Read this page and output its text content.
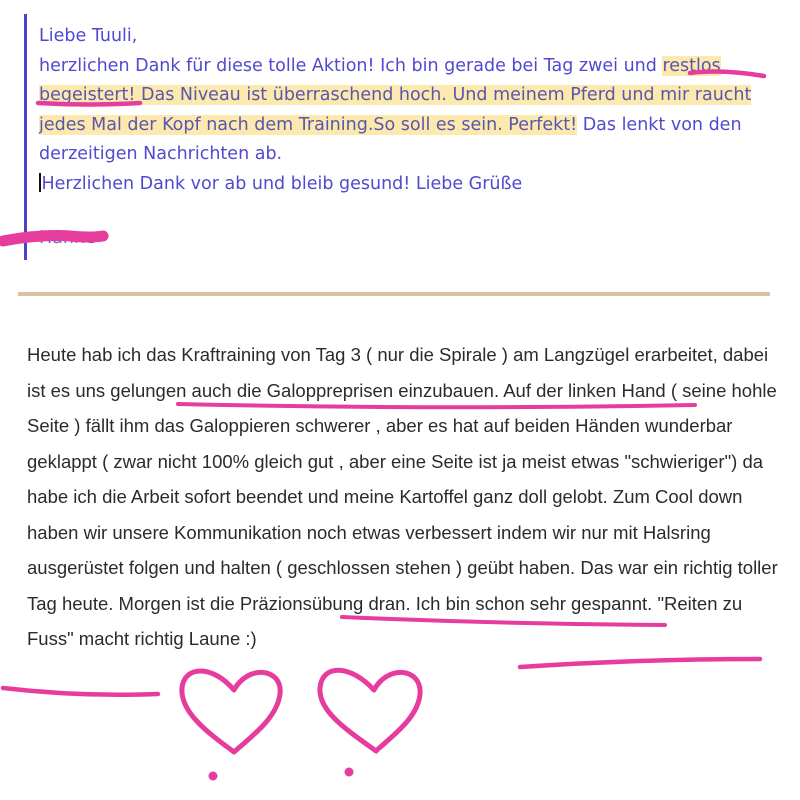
Liebe Tuuli,
herzlichen Dank für diese tolle Aktion! Ich bin gerade bei Tag zwei und restlos begeistert! Das Niveau ist überraschend hoch. Und meinem Pferd und mir raucht jedes Mal der Kopf nach dem Training.So soll es sein. Perfekt! Das lenkt von den derzeitigen Nachrichten ab.
Herzlichen Dank vor ab und bleib gesund! Liebe Grüße
Hanne

Heute hab ich das Kraftraining von Tag 3 ( nur die Spirale ) am Langzügel erarbeitet, dabei ist es uns gelungen auch die Galoppreprisen einzubauen. Auf der linken Hand ( seine hohle Seite ) fällt ihm das Galoppieren schwerer , aber es hat auf beiden Händen wunderbar geklappt ( zwar nicht 100% gleich gut , aber eine Seite ist ja meist etwas "schwieriger") da habe ich die Arbeit sofort beendet und meine Kartoffel ganz doll gelobt. Zum Cool down haben wir unsere Kommunikation noch etwas verbessert indem wir nur mit Halsring ausgerüstet folgen und halten ( geschlossen stehen ) geübt haben. Das war ein richtig toller Tag heute. Morgen ist die Präzionsübung dran. Ich bin schon sehr gespannt. "Reiten zu Fuss" macht richtig Laune :)
